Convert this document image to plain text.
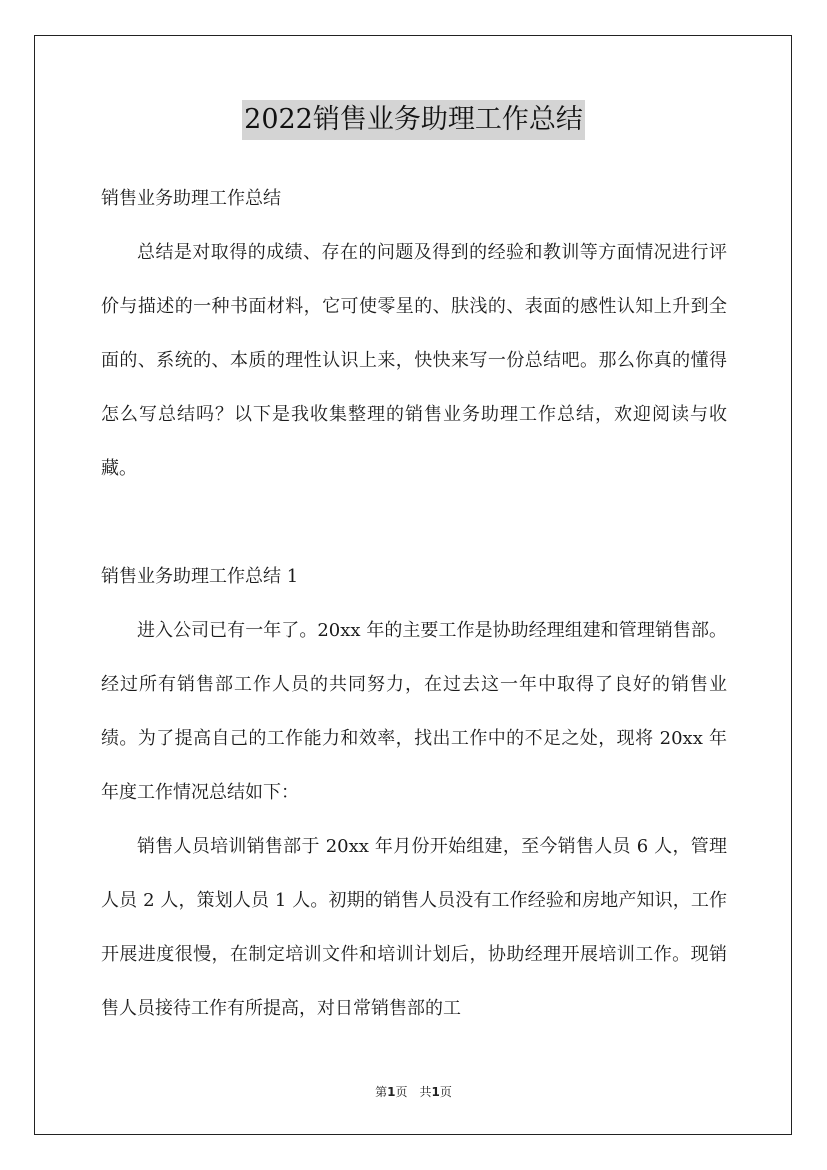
2022销售业务助理工作总结

销售业务助理工作总结

总结是对取得的成绩、存在的问题及得到的经验和教训等方面情况进行评价与描述的一种书面材料，它可使零星的、肤浅的、表面的感性认知上升到全面的、系统的、本质的理性认识上来，快快来写一份总结吧。那么你真的懂得怎么写总结吗？以下是我收集整理的销售业务助理工作总结，欢迎阅读与收藏。

销售业务助理工作总结 1

进入公司已有一年了。20xx 年的主要工作是协助经理组建和管理销售部。经过所有销售部工作人员的共同努力，在过去这一年中取得了良好的销售业绩。为了提高自己的工作能力和效率，找出工作中的不足之处，现将 20xx 年年度工作情况总结如下：

销售人员培训销售部于 20xx 年月份开始组建，至今销售人员 6 人，管理人员 2 人，策划人员 1 人。初期的销售人员没有工作经验和房地产知识，工作开展进度很慢，在制定培训文件和培训计划后，协助经理开展培训工作。现销售人员接待工作有所提高，对日常销售部的工

第1页　共1页
